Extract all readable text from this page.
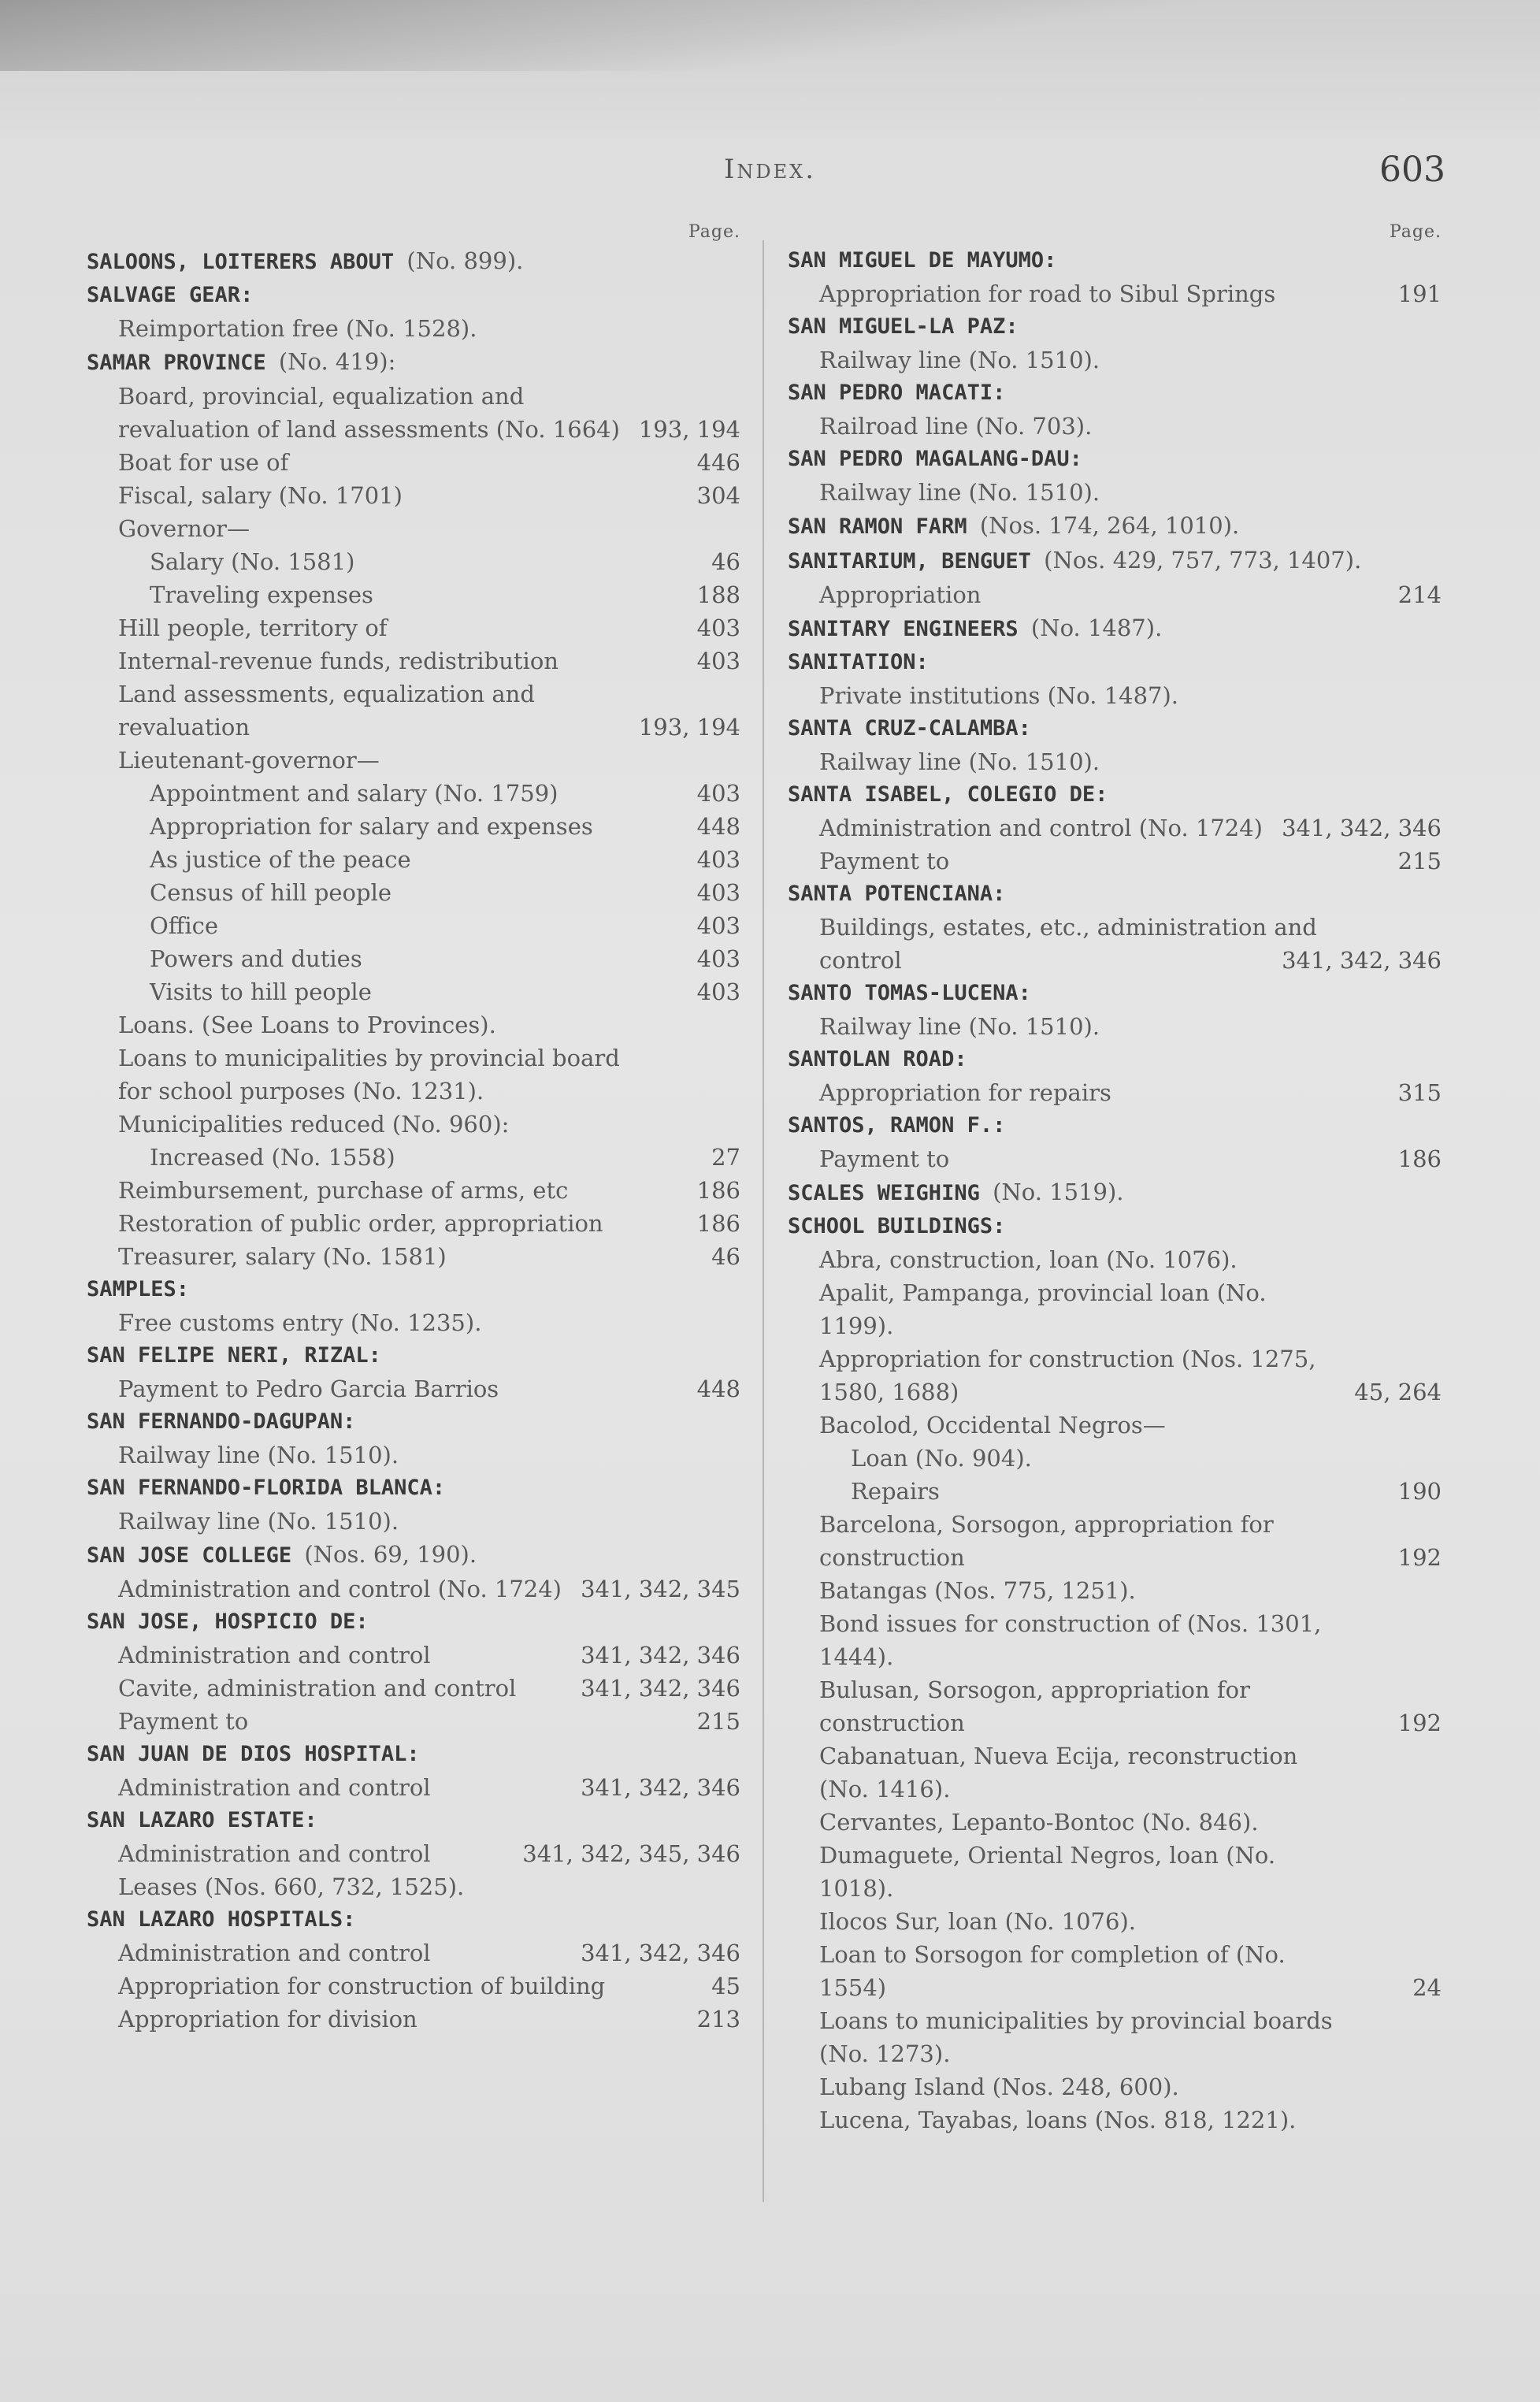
Index.	603
Page.
SALOONS, LOITERERS ABOUT (No. 899).
SALVAGE GEAR:
Reimportation free (No. 1528).
SAMAR PROVINCE (No. 419):
Board, provincial, equalization and revaluation of land assessments (No. 1664) 193, 194
Boat for use of	446
Fiscal, salary (No. 1701)	304
Governor—
Salary (No. 1581)	46
Traveling expenses	188
Hill people, territory of	403
Internal-revenue funds, redistribution	403
Land assessments, equalization and revaluation	193, 194
Lieutenant-governor—
Appointment and salary (No. 1759)	403
Appropriation for salary and expenses	448
As justice of the peace	403
Census of hill people	403
Office	403
Powers and duties	403
Visits to hill people	403
Loans. (See Loans to Provinces).
Loans to municipalities by provincial board for school purposes (No. 1231).
Municipalities reduced (No. 960):
Increased (No. 1558)	27
Reimbursement, purchase of arms, etc	186
Restoration of public order, appropriation	186
Treasurer, salary (No. 1581)	46
SAMPLES:
Free customs entry (No. 1235).
SAN FELIPE NERI, RIZAL:
Payment to Pedro Garcia Barrios	448
SAN FERNANDO-DAGUPAN:
Railway line (No. 1510).
SAN FERNANDO-FLORIDA BLANCA:
Railway line (No. 1510).
SAN JOSE COLLEGE (Nos. 69, 190).
Administration and control (No. 1724) 341, 342, 345
SAN JOSE, HOSPICIO DE:
Administration and control	341, 342, 346
Cavite, administration and control	341, 342, 346
Payment to	215
SAN JUAN DE DIOS HOSPITAL:
Administration and control	341, 342, 346
SAN LAZARO ESTATE:
Administration and control	341, 342, 345, 346
Leases (Nos. 660, 732, 1525).
SAN LAZARO HOSPITALS:
Administration and control	341, 342, 346
Appropriation for construction of building	45
Appropriation for division	213
Page.
SAN MIGUEL DE MAYUMO:
Appropriation for road to Sibul Springs	191
SAN MIGUEL-LA PAZ:
Railway line (No. 1510).
SAN PEDRO MACATI:
Railroad line (No. 703).
SAN PEDRO MAGALANG-DAU:
Railway line (No. 1510).
SAN RAMON FARM (Nos. 174, 264, 1010).
SANITARIUM, BENGUET (Nos. 429, 757, 773, 1407).
Appropriation	214
SANITARY ENGINEERS (No. 1487).
SANITATION:
Private institutions (No. 1487).
SANTA CRUZ-CALAMBA:
Railway line (No. 1510).
SANTA ISABEL, COLEGIO DE:
Administration and control (No. 1724) 341, 342, 346
Payment to	215
SANTA POTENCIANA:
Buildings, estates, etc., administration and control	341, 342, 346
SANTO TOMAS-LUCENA:
Railway line (No. 1510).
SANTOLAN ROAD:
Appropriation for repairs	315
SANTOS, RAMON F.:
Payment to	186
SCALES WEIGHING (No. 1519).
SCHOOL BUILDINGS:
Abra, construction, loan (No. 1076).
Apalit, Pampanga, provincial loan (No. 1199).
Appropriation for construction (Nos. 1275, 1580, 1688)	45, 264
Bacolod, Occidental Negros—
Loan (No. 904).
Repairs	190
Barcelona, Sorsogon, appropriation for construction	192
Batangas (Nos. 775, 1251).
Bond issues for construction of (Nos. 1301, 1444).
Bulusan, Sorsogon, appropriation for construction	192
Cabanatuan, Nueva Ecija, reconstruction (No. 1416).
Cervantes, Lepanto-Bontoc (No. 846).
Dumaguete, Oriental Negros, loan (No. 1018).
Ilocos Sur, loan (No. 1076).
Loan to Sorsogon for completion of (No. 1554)	24
Loans to municipalities by provincial boards (No. 1273).
Lubang Island (Nos. 248, 600).
Lucena, Tayabas, loans (Nos. 818, 1221).
